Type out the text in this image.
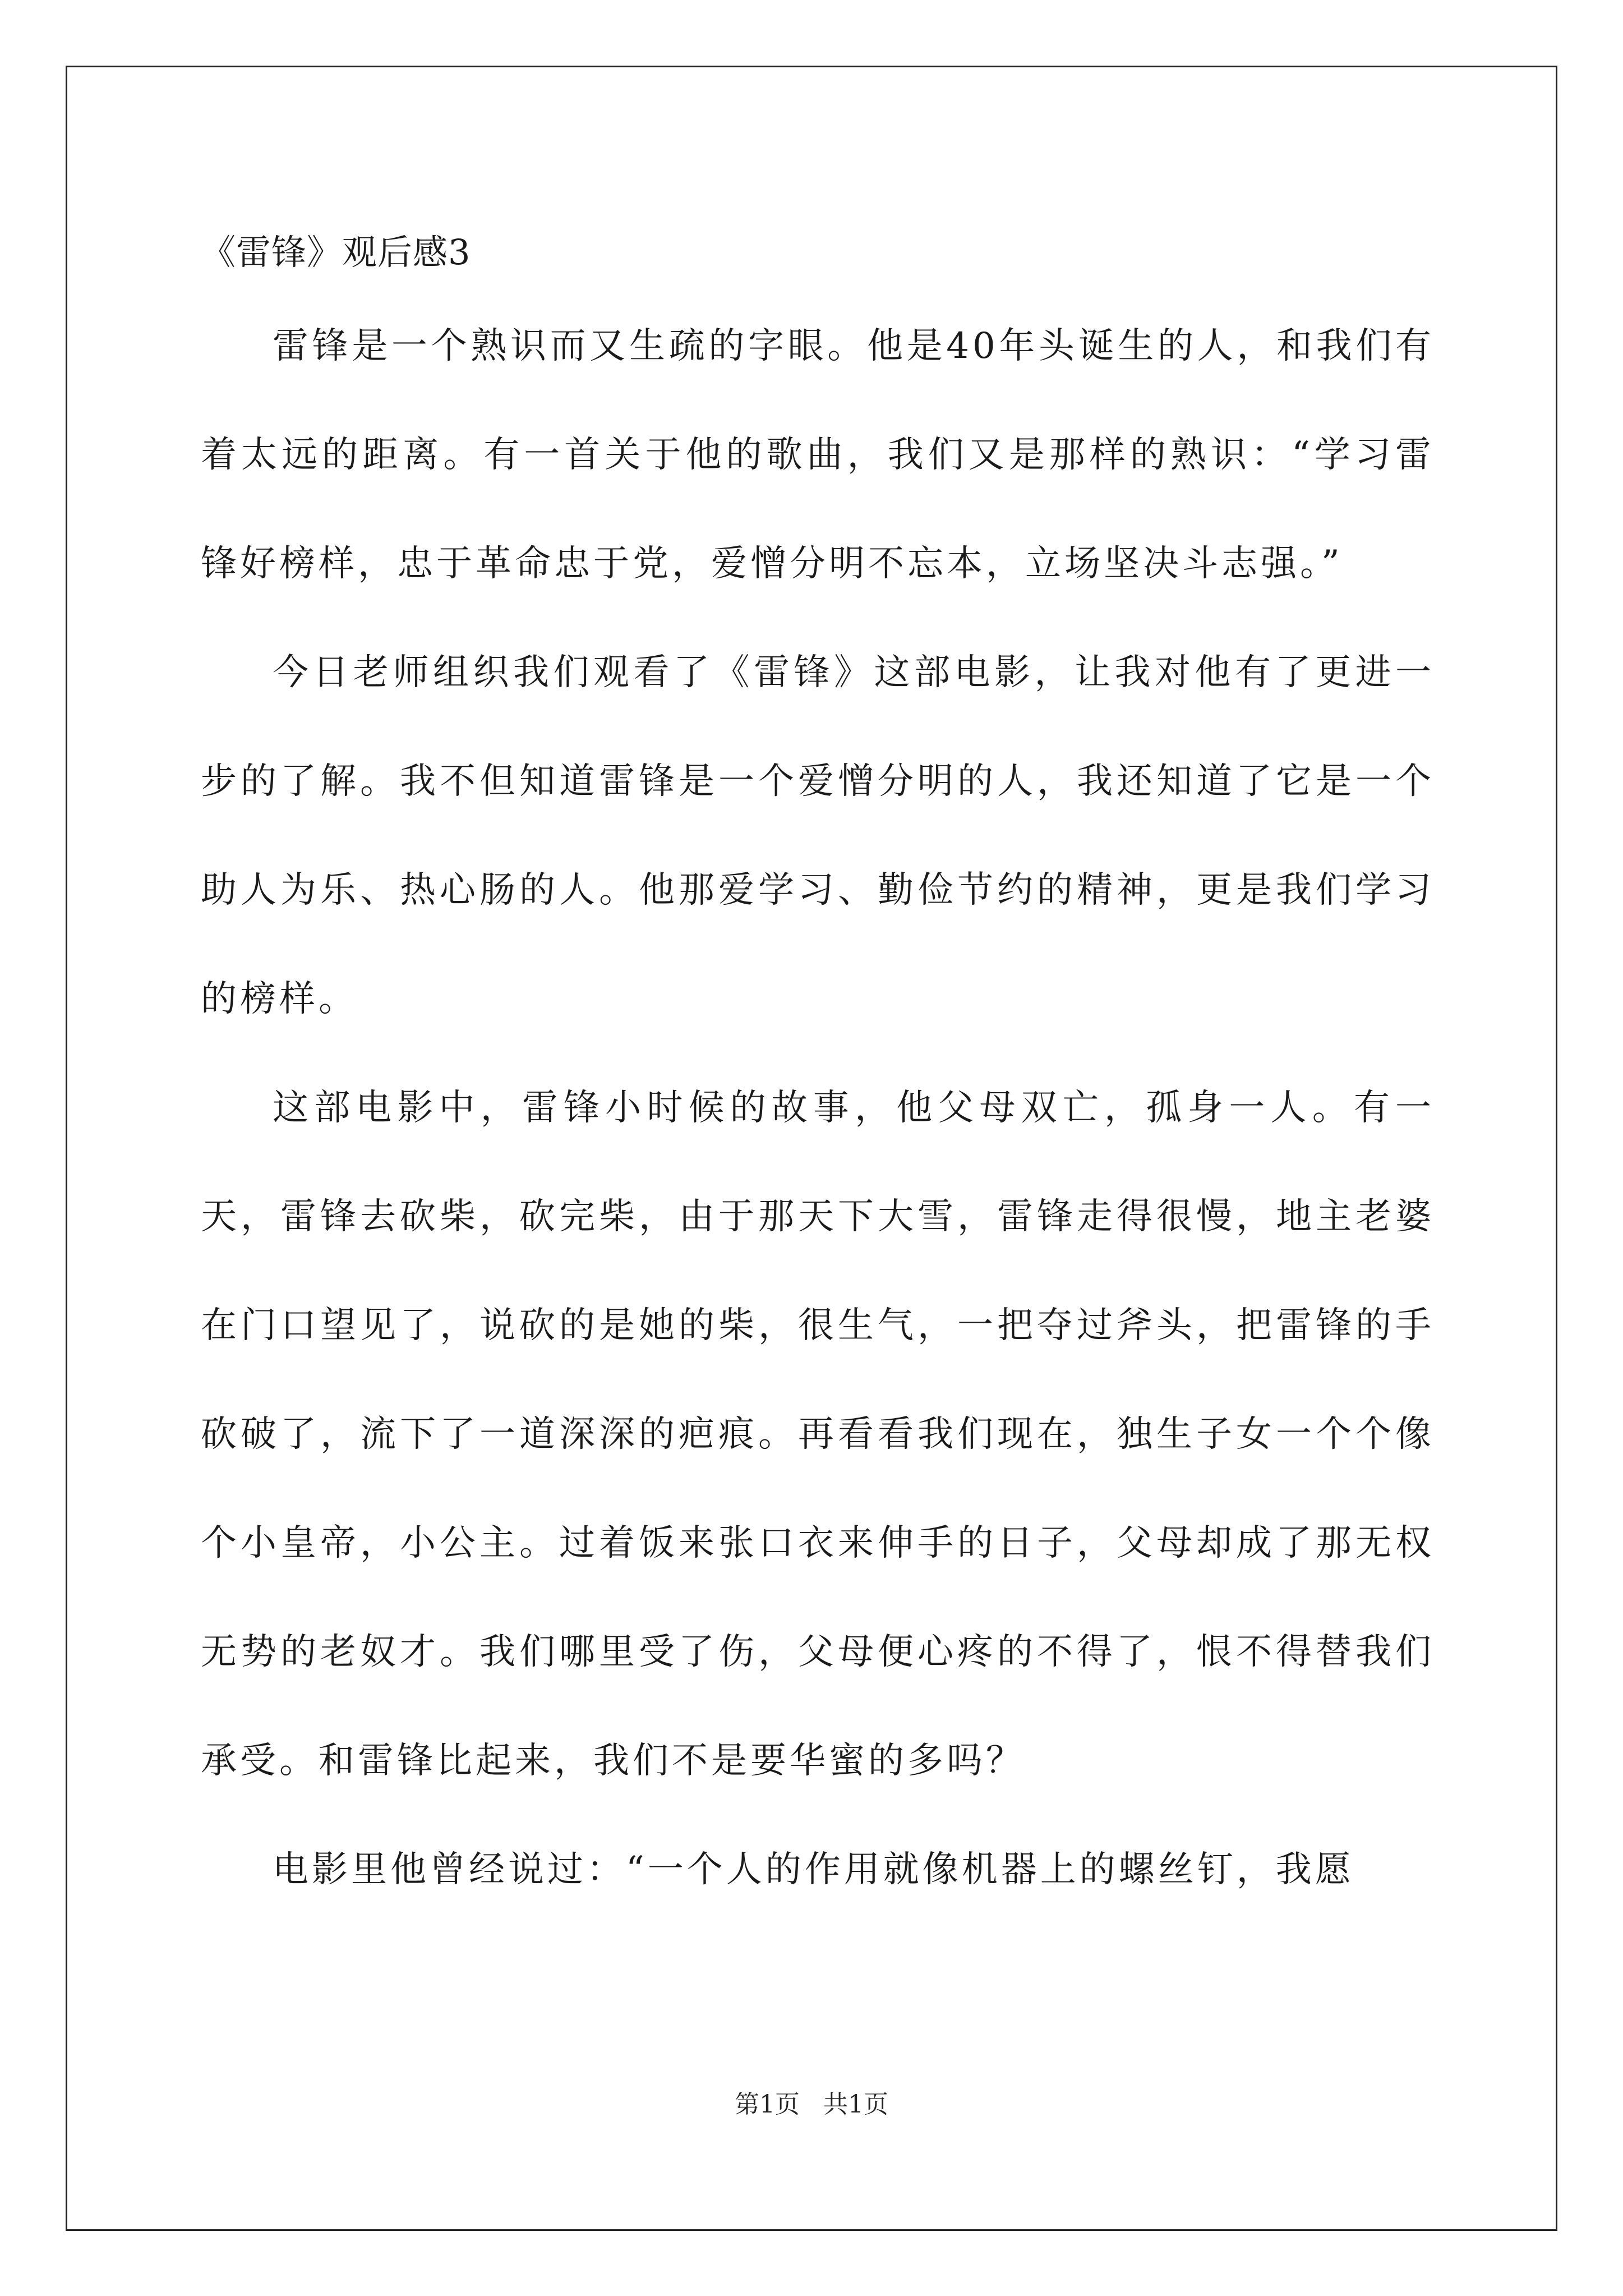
《雷锋》观后感3

雷锋是一个熟识而又生疏的字眼。他是40年头诞生的人，和我们有着太远的距离。有一首关于他的歌曲，我们又是那样的熟识：“学习雷锋好榜样，忠于革命忠于党，爱憎分明不忘本，立场坚决斗志强。”

今日老师组织我们观看了《雷锋》这部电影，让我对他有了更进一步的了解。我不但知道雷锋是一个爱憎分明的人，我还知道了它是一个助人为乐、热心肠的人。他那爱学习、勤俭节约的精神，更是我们学习的榜样。

这部电影中，雷锋小时候的故事，他父母双亡，孤身一人。有一天，雷锋去砍柴，砍完柴，由于那天下大雪，雷锋走得很慢，地主老婆在门口望见了，说砍的是她的柴，很生气，一把夺过斧头，把雷锋的手砍破了，流下了一道深深的疤痕。再看看我们现在，独生子女一个个像个小皇帝，小公主。过着饭来张口衣来伸手的日子，父母却成了那无权无势的老奴才。我们哪里受了伤，父母便心疼的不得了，恨不得替我们承受。和雷锋比起来，我们不是要华蜜的多吗？

电影里他曾经说过：“一个人的作用就像机器上的螺丝钉，我愿

第1页   共1页
